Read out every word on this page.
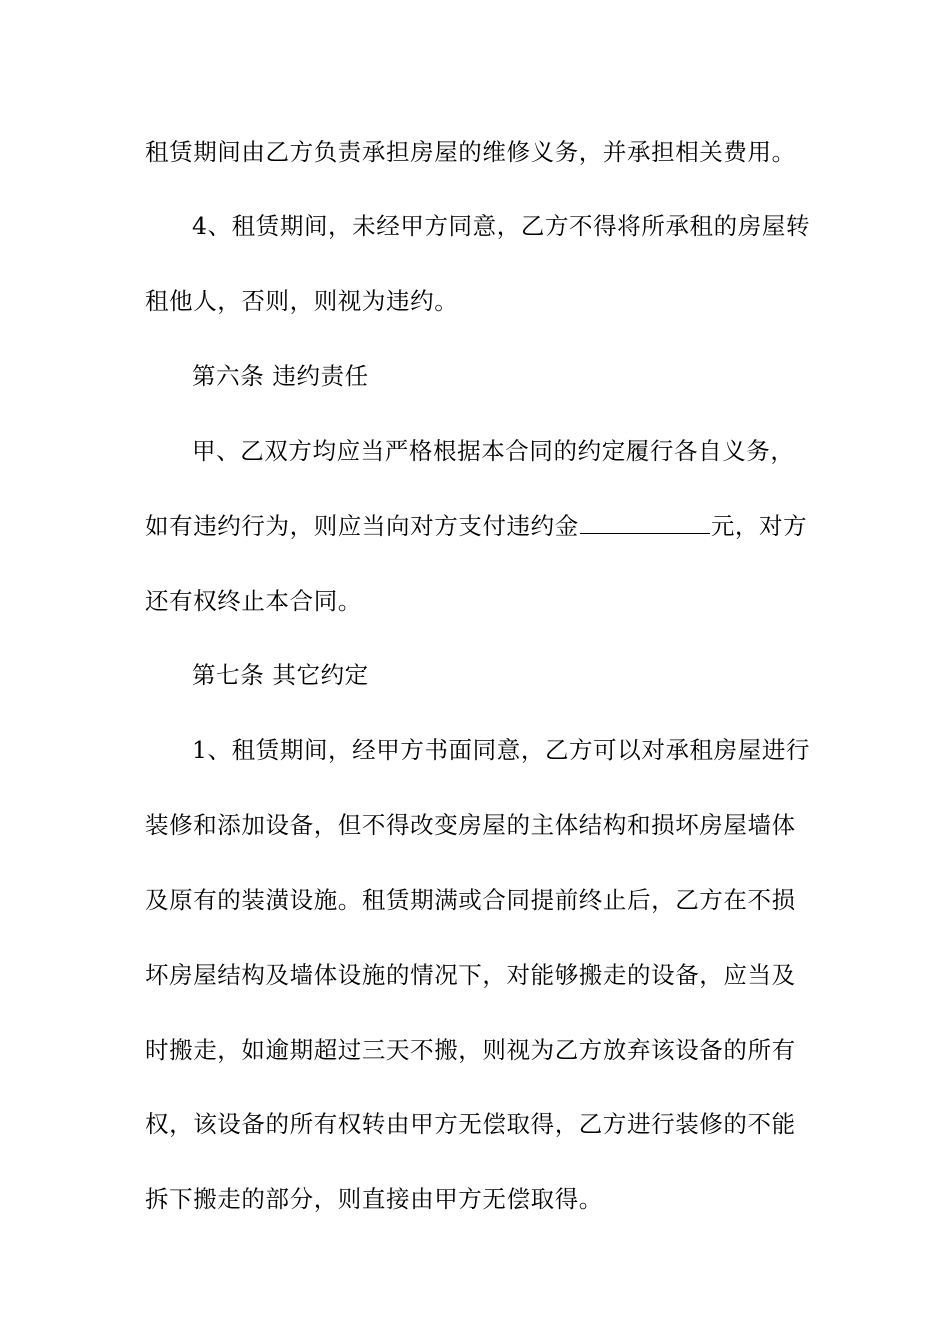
租赁期间由乙方负责承担房屋的维修义务，并承担相关费用。
4、租赁期间，未经甲方同意，乙方不得将所承租的房屋转
租他人，否则，则视为违约。
第六条 违约责任
甲、乙双方均应当严格根据本合同的约定履行各自义务，
如有违约行为，则应当向对方支付违约金	元，对方
还有权终止本合同。
第七条 其它约定
1、租赁期间，经甲方书面同意，乙方可以对承租房屋进行
装修和添加设备，但不得改变房屋的主体结构和损坏房屋墙体
及原有的装潢设施。租赁期满或合同提前终止后，乙方在不损
坏房屋结构及墙体设施的情况下，对能够搬走的设备，应当及
时搬走，如逾期超过三天不搬，则视为乙方放弃该设备的所有
权，该设备的所有权转由甲方无偿取得，乙方进行装修的不能
拆下搬走的部分，则直接由甲方无偿取得。
